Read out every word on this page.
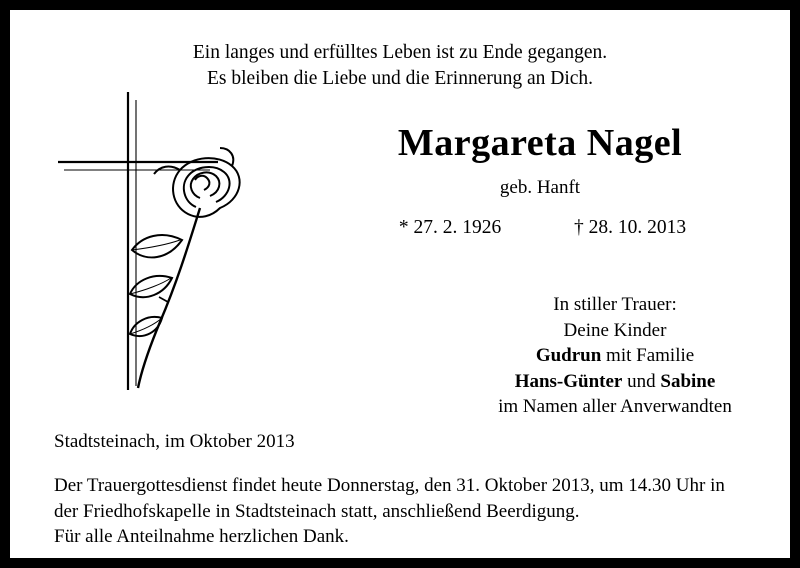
Ein langes und erfülltes Leben ist zu Ende gegangen.
Es bleiben die Liebe und die Erinnerung an Dich.
Margareta Nagel
geb. Hanft
* 27. 2. 1926	† 28. 10. 2013
In stiller Trauer:
Deine Kinder
Gudrun mit Familie
Hans-Günter und Sabine
im Namen aller Anverwandten
Stadtsteinach, im Oktober 2013
Der Trauergottesdienst findet heute Donnerstag, den 31. Oktober 2013, um 14.30 Uhr in
der Friedhofskapelle in Stadtsteinach statt, anschließend Beerdigung.
Für alle Anteilnahme herzlichen Dank.
